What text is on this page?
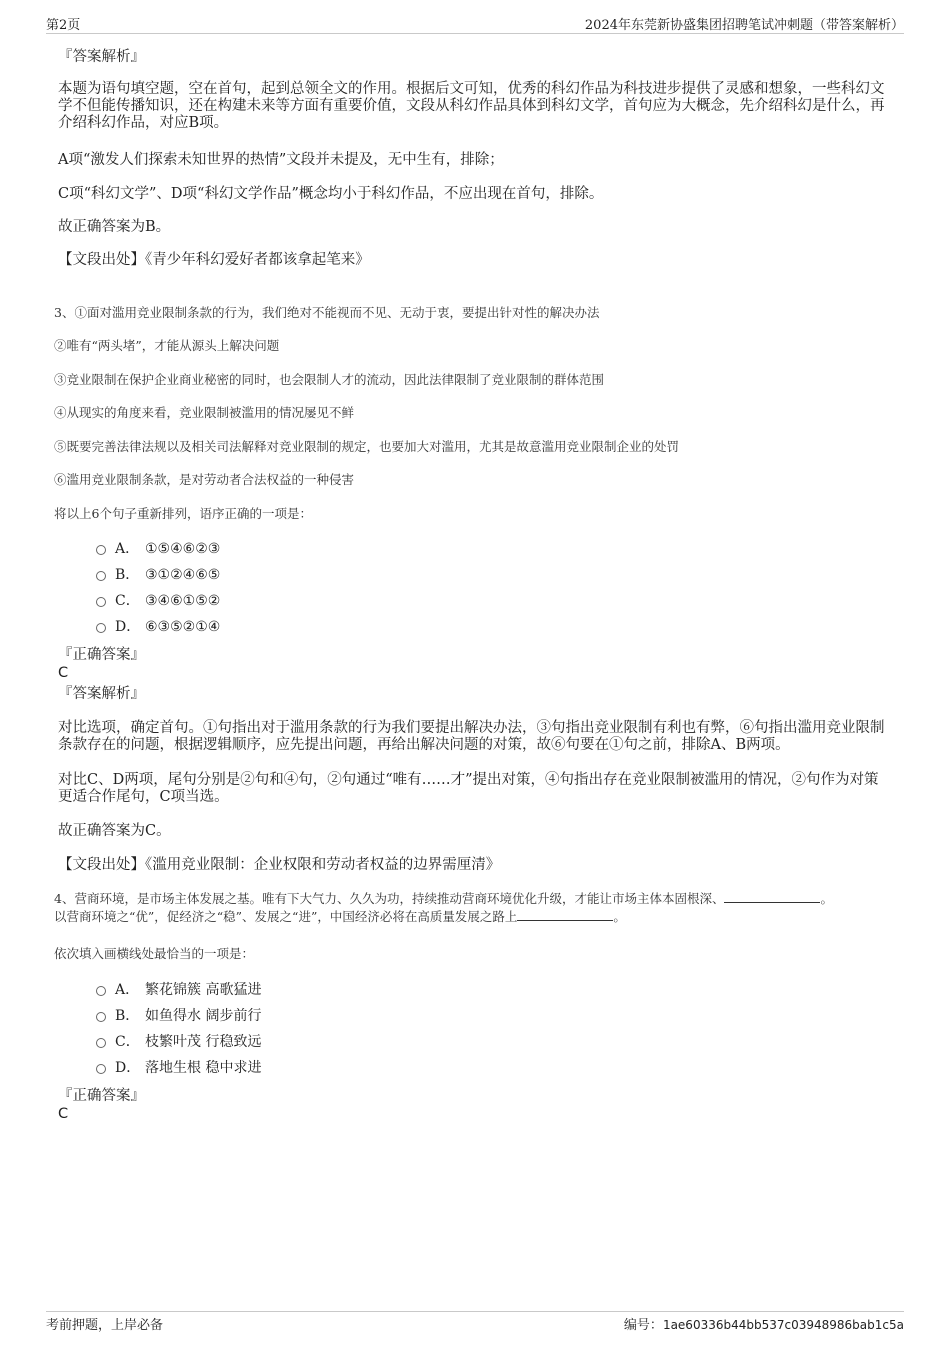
第2页	2024年东莞新协盛集团招聘笔试冲刺题（带答案解析）
『答案解析』
本题为语句填空题，空在首句，起到总领全文的作用。根据后文可知，优秀的科幻作品为科技进步提供了灵感和想象，一些科幻文学不但能传播知识，还在构建未来等方面有重要价值，文段从科幻作品具体到科幻文学，首句应为大概念，先介绍科幻是什么，再介绍科幻作品，对应B项。
A项“激发人们探索未知世界的热情”文段并未提及，无中生有，排除；
C项“科幻文学”、D项“科幻文学作品”概念均小于科幻作品，不应出现在首句，排除。
故正确答案为B。
【文段出处】《青少年科幻爱好者都该拿起笔来》
3、①面对滥用竞业限制条款的行为，我们绝对不能视而不见、无动于衷，要提出针对性的解决办法
②唯有“两头堵”，才能从源头上解决问题
③竞业限制在保护企业商业秘密的同时，也会限制人才的流动，因此法律限制了竞业限制的群体范围
④从现实的角度来看，竞业限制被滥用的情况屡见不鲜
⑤既要完善法律法规以及相关司法解释对竞业限制的规定，也要加大对滥用，尤其是故意滥用竞业限制企业的处罚
⑥滥用竞业限制条款，是对劳动者合法权益的一种侵害
将以上6个句子重新排列，语序正确的一项是：
A． ①⑤④⑥②③
B． ③①②④⑥⑤
C． ③④⑥①⑤②
D． ⑥③⑤②①④
『正确答案』
C
『答案解析』
对比选项，确定首句。①句指出对于滥用条款的行为我们要提出解决办法，③句指出竞业限制有利也有弊，⑥句指出滥用竞业限制条款存在的问题，根据逻辑顺序，应先提出问题，再给出解决问题的对策，故⑥句要在①句之前，排除A、B两项。
对比C、D两项，尾句分别是②句和④句，②句通过“唯有……才”提出对策，④句指出存在竞业限制被滥用的情况，②句作为对策更适合作尾句，C项当选。
故正确答案为C。
【文段出处】《滥用竞业限制：企业权限和劳动者权益的边界需厘清》
4、营商环境，是市场主体发展之基。唯有下大气力、久久为功，持续推动营商环境优化升级，才能让市场主体本固根深、	。
以营商环境之“优”，促经济之“稳”、发展之“进”，中国经济必将在高质量发展之路上	。
依次填入画横线处最恰当的一项是：
A． 繁花锦簇 高歌猛进
B． 如鱼得水 阔步前行
C． 枝繁叶茂 行稳致远
D． 落地生根 稳中求进
『正确答案』
C
考前押题，上岸必备	编号：1ae60336b44bb537c03948986bab1c5a
